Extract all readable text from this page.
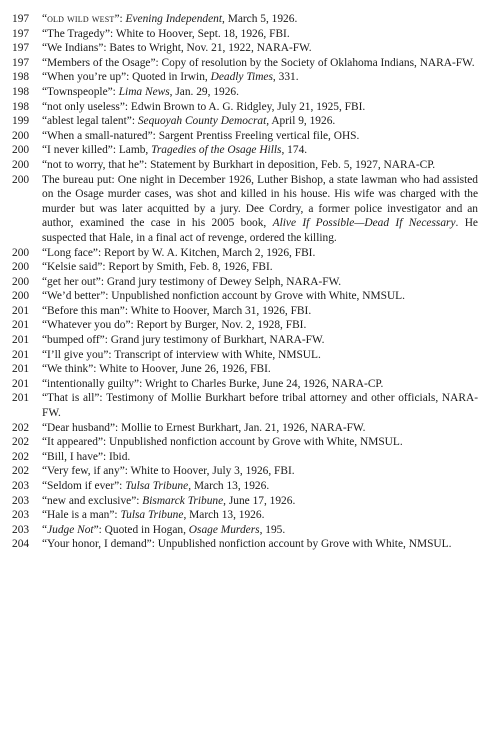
197	“old wild west”: Evening Independent, March 5, 1926.
197	“The Tragedy”: White to Hoover, Sept. 18, 1926, FBI.
197	“We Indians”: Bates to Wright, Nov. 21, 1922, NARA-FW.
197	“Members of the Osage”: Copy of resolution by the Society of Oklahoma Indians, NARA-FW.
198	“When you’re up”: Quoted in Irwin, Deadly Times, 331.
198	“Townspeople”: Lima News, Jan. 29, 1926.
198	“not only useless”: Edwin Brown to A. G. Ridgley, July 21, 1925, FBI.
199	“ablest legal talent”: Sequoyah County Democrat, April 9, 1926.
200	“When a small-natured”: Sargent Prentiss Freeling vertical file, OHS.
200	“I never killed”: Lamb, Tragedies of the Osage Hills, 174.
200	“not to worry, that he”: Statement by Burkhart in deposition, Feb. 5, 1927, NARA-CP.
200	The bureau put: One night in December 1926, Luther Bishop, a state lawman who had assisted on the Osage murder cases, was shot and killed in his house. His wife was charged with the murder but was later acquitted by a jury. Dee Cordry, a former police investigator and an author, examined the case in his 2005 book, Alive If Possible—Dead If Necessary. He suspected that Hale, in a final act of revenge, ordered the killing.
200	“Long face”: Report by W. A. Kitchen, March 2, 1926, FBI.
200	“Kelsie said”: Report by Smith, Feb. 8, 1926, FBI.
200	“get her out”: Grand jury testimony of Dewey Selph, NARA-FW.
200	“We’d better”: Unpublished nonfiction account by Grove with White, NMSUL.
201	“Before this man”: White to Hoover, March 31, 1926, FBI.
201	“Whatever you do”: Report by Burger, Nov. 2, 1928, FBI.
201	“bumped off”: Grand jury testimony of Burkhart, NARA-FW.
201	“I’ll give you”: Transcript of interview with White, NMSUL.
201	“We think”: White to Hoover, June 26, 1926, FBI.
201	“intentionally guilty”: Wright to Charles Burke, June 24, 1926, NARA-CP.
201	“That is all”: Testimony of Mollie Burkhart before tribal attorney and other officials, NARA-FW.
202	“Dear husband”: Mollie to Ernest Burkhart, Jan. 21, 1926, NARA-FW.
202	“It appeared”: Unpublished nonfiction account by Grove with White, NMSUL.
202	“Bill, I have”: Ibid.
202	“Very few, if any”: White to Hoover, July 3, 1926, FBI.
203	“Seldom if ever”: Tulsa Tribune, March 13, 1926.
203	“new and exclusive”: Bismarck Tribune, June 17, 1926.
203	“Hale is a man”: Tulsa Tribune, March 13, 1926.
203	“Judge Not”: Quoted in Hogan, Osage Murders, 195.
204	“Your honor, I demand”: Unpublished nonfiction account by Grove with White, NMSUL.
